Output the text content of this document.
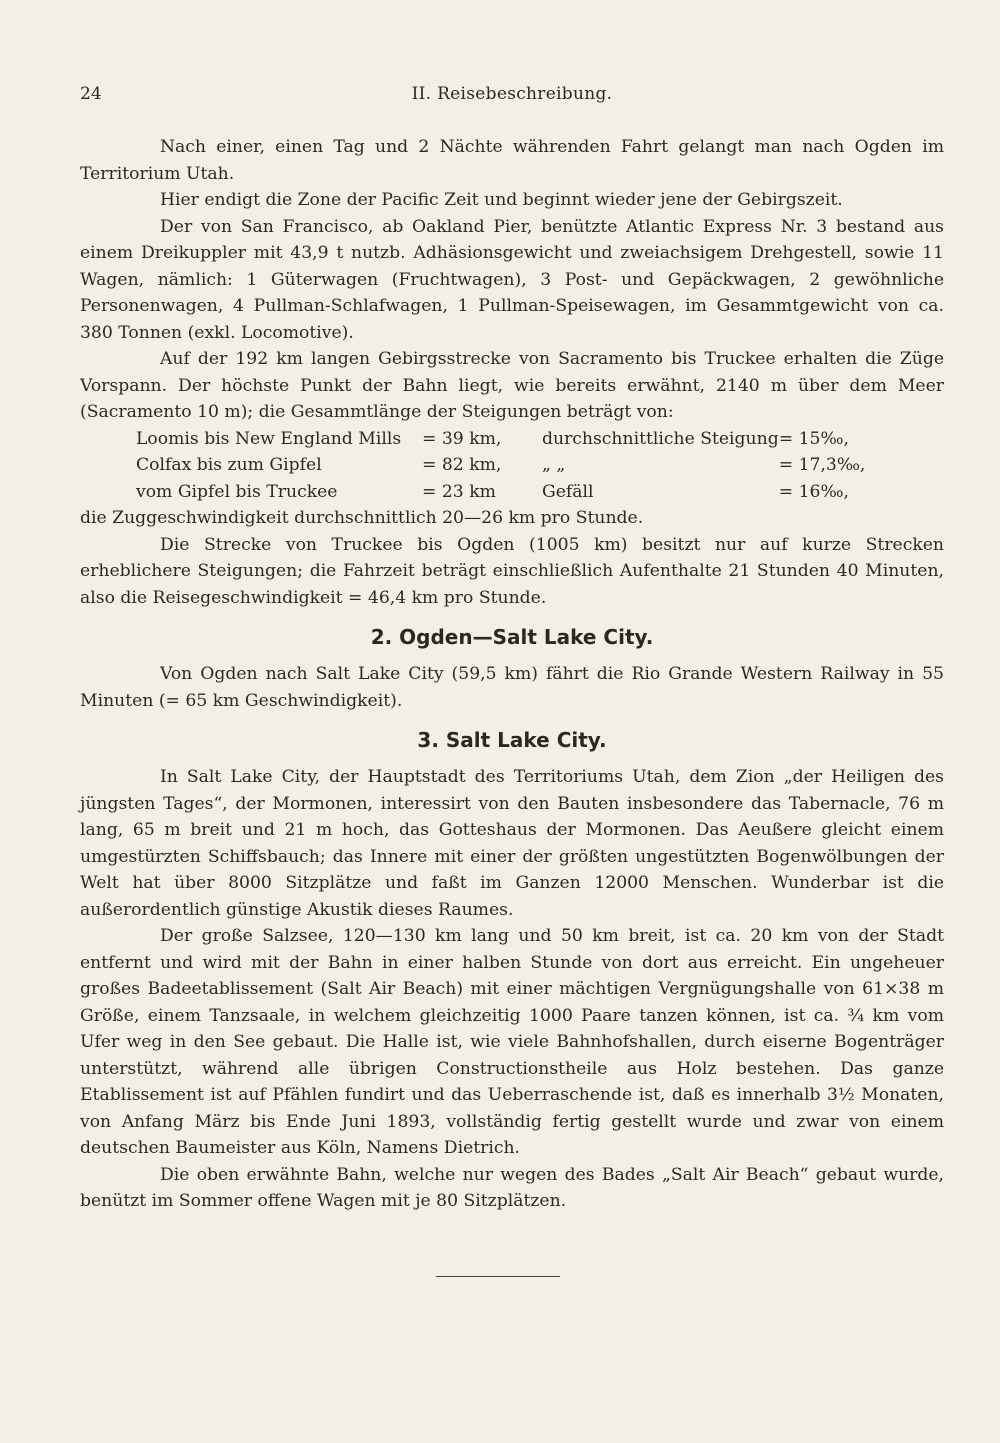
24	II. Reisebeschreibung.

Nach einer, einen Tag und 2 Nächte währenden Fahrt gelangt man nach Ogden im Territorium Utah.

Hier endigt die Zone der Pacific Zeit und beginnt wieder jene der Gebirgszeit.

Der von San Francisco, ab Oakland Pier, benützte Atlantic Express Nr. 3 bestand aus einem Dreikuppler mit 43,9 t nutzb. Adhäsionsgewicht und zweiachsigem Drehgestell, sowie 11 Wagen, nämlich: 1 Güterwagen (Fruchtwagen), 3 Post- und Gepäckwagen, 2 gewöhnliche Personenwagen, 4 Pullman-Schlafwagen, 1 Pullman-Speisewagen, im Gesammtgewicht von ca. 380 Tonnen (exkl. Locomotive).

Auf der 192 km langen Gebirgsstrecke von Sacramento bis Truckee erhalten die Züge Vorspann. Der höchste Punkt der Bahn liegt, wie bereits erwähnt, 2140 m über dem Meer (Sacramento 10 m); die Gesammtlänge der Steigungen beträgt von:

Loomis bis New England Mills	= 39 km,	durchschnittliche Steigung	= 15‰,
Colfax bis zum Gipfel	= 82 km,	„ „	= 17,3‰,
vom Gipfel bis Truckee	= 23 km	Gefäll	= 16‰,

die Zuggeschwindigkeit durchschnittlich 20—26 km pro Stunde.

Die Strecke von Truckee bis Ogden (1005 km) besitzt nur auf kurze Strecken erheblichere Steigungen; die Fahrzeit beträgt einschließlich Aufenthalte 21 Stunden 40 Minuten, also die Reisegeschwindigkeit = 46,4 km pro Stunde.

2. Ogden—Salt Lake City.

Von Ogden nach Salt Lake City (59,5 km) fährt die Rio Grande Western Railway in 55 Minuten (= 65 km Geschwindigkeit).

3. Salt Lake City.

In Salt Lake City, der Hauptstadt des Territoriums Utah, dem Zion „der Heiligen des jüngsten Tages“, der Mormonen, interessirt von den Bauten insbesondere das Tabernacle, 76 m lang, 65 m breit und 21 m hoch, das Gotteshaus der Mormonen. Das Aeußere gleicht einem umgestürzten Schiffsbauch; das Innere mit einer der größten ungestützten Bogenwölbungen der Welt hat über 8000 Sitzplätze und faßt im Ganzen 12000 Menschen. Wunderbar ist die außerordentlich günstige Akustik dieses Raumes.

Der große Salzsee, 120—130 km lang und 50 km breit, ist ca. 20 km von der Stadt entfernt und wird mit der Bahn in einer halben Stunde von dort aus erreicht. Ein ungeheuer großes Badeetablissement (Salt Air Beach) mit einer mächtigen Vergnügungshalle von 61×38 m Größe, einem Tanzsaale, in welchem gleichzeitig 1000 Paare tanzen können, ist ca. ¾ km vom Ufer weg in den See gebaut. Die Halle ist, wie viele Bahnhofshallen, durch eiserne Bogenträger unterstützt, während alle übrigen Constructionstheile aus Holz bestehen. Das ganze Etablissement ist auf Pfählen fundirt und das Ueberraschende ist, daß es innerhalb 3½ Monaten, von Anfang März bis Ende Juni 1893, vollständig fertig gestellt wurde und zwar von einem deutschen Baumeister aus Köln, Namens Dietrich.

Die oben erwähnte Bahn, welche nur wegen des Bades „Salt Air Beach“ gebaut wurde, benützt im Sommer offene Wagen mit je 80 Sitzplätzen.
